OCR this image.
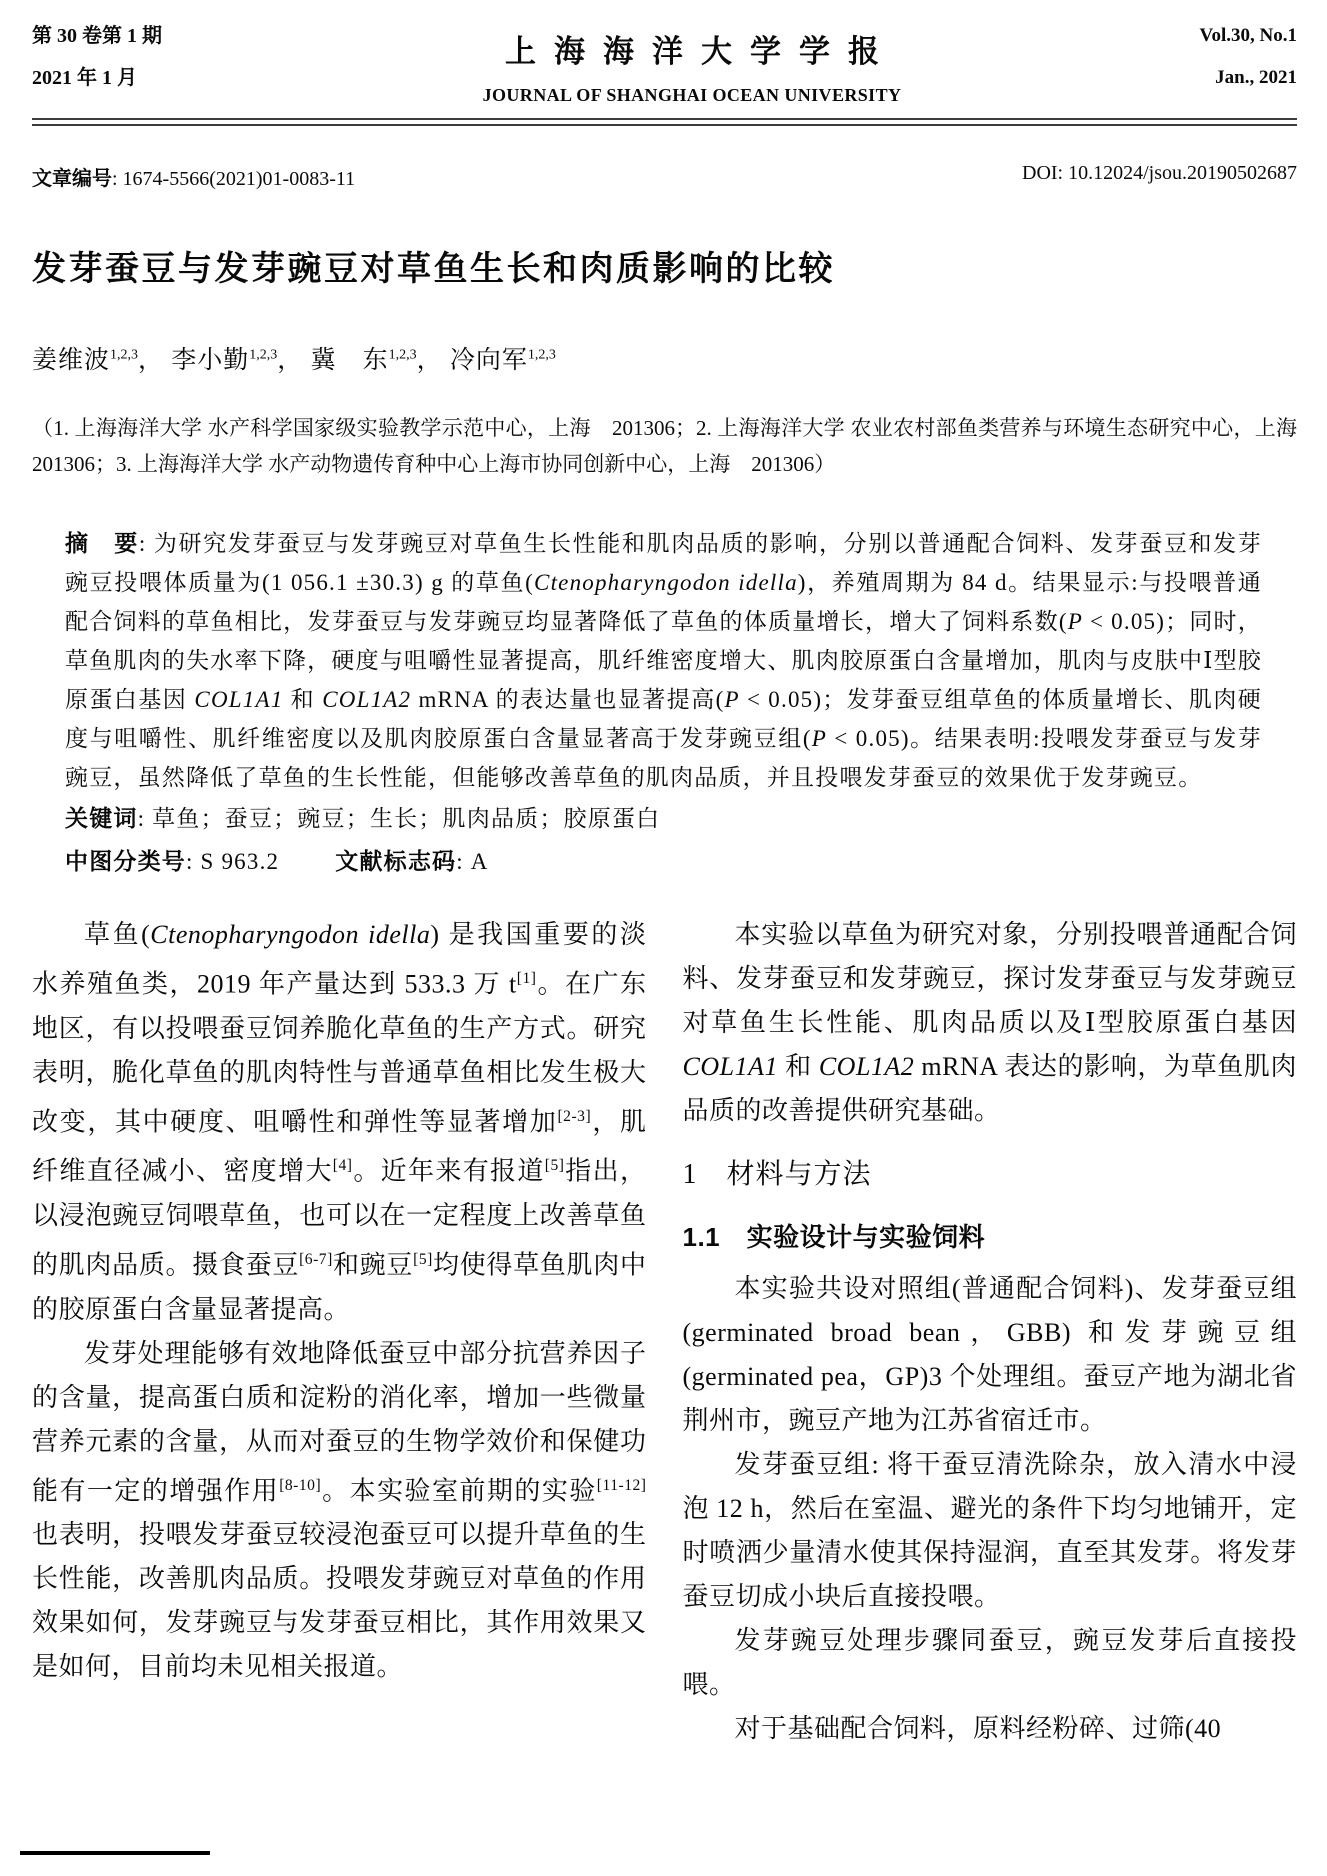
第 30 卷第 1 期
2021 年 1 月
上海海洋大学学报
JOURNAL OF SHANGHAI OCEAN UNIVERSITY
Vol.30, No.1
Jan., 2021
文章编号: 1674-5566(2021)01-0083-11	DOI: 10.12024/jsou.20190502687
发芽蚕豆与发芽豌豆对草鱼生长和肉质影响的比较
姜维波$^{1,2,3}$， 李小勤$^{1,2,3}$， 冀　东$^{1,2,3}$， 冷向军$^{1,2,3}$

（1. 上海海洋大学 水产科学国家级实验教学示范中心，上海　201306；2. 上海海洋大学 农业农村部鱼类营养与环境生态研究中心，上海　201306；3. 上海海洋大学 水产动物遗传育种中心上海市协同创新中心，上海　201306）

摘　要: 为研究发芽蚕豆与发芽豌豆对草鱼生长性能和肌肉品质的影响，分别以普通配合饲料、发芽蚕豆和发芽豌豆投喂体质量为(1 056.1 ±30.3) g 的草鱼(Ctenopharyngodon idella)，养殖周期为 84 d。结果显示:与投喂普通配合饲料的草鱼相比，发芽蚕豆与发芽豌豆均显著降低了草鱼的体质量增长，增大了饲料系数(P < 0.05)；同时，草鱼肌肉的失水率下降，硬度与咀嚼性显著提高，肌纤维密度增大、肌肉胶原蛋白含量增加，肌肉与皮肤中Ⅰ型胶原蛋白基因 COL1A1 和 COL1A2 mRNA 的表达量也显著提高(P < 0.05)；发芽蚕豆组草鱼的体质量增长、肌肉硬度与咀嚼性、肌纤维密度以及肌肉胶原蛋白含量显著高于发芽豌豆组(P < 0.05)。结果表明:投喂发芽蚕豆与发芽豌豆，虽然降低了草鱼的生长性能，但能够改善草鱼的肌肉品质，并且投喂发芽蚕豆的效果优于发芽豌豆。
关键词: 草鱼；蚕豆；豌豆；生长；肌肉品质；胶原蛋白
中图分类号: S 963.2 文献标志码: A

草鱼(Ctenopharyngodon idella) 是我国重要的淡水养殖鱼类，2019 年产量达到 533.3 万 t[1]。在广东地区，有以投喂蚕豆饲养脆化草鱼的生产方式。研究表明，脆化草鱼的肌肉特性与普通草鱼相比发生极大改变，其中硬度、咀嚼性和弹性等显著增加[2-3]，肌纤维直径减小、密度增大[4]。近年来有报道[5]指出，以浸泡豌豆饲喂草鱼，也可以在一定程度上改善草鱼的肌肉品质。摄食蚕豆[6-7]和豌豆[5]均使得草鱼肌肉中的胶原蛋白含量显著提高。

发芽处理能够有效地降低蚕豆中部分抗营养因子的含量，提高蛋白质和淀粉的消化率，增加一些微量营养元素的含量，从而对蚕豆的生物学效价和保健功能有一定的增强作用[8-10]。本实验室前期的实验[11-12]也表明，投喂发芽蚕豆较浸泡蚕豆可以提升草鱼的生长性能，改善肌肉品质。投喂发芽豌豆对草鱼的作用效果如何，发芽豌豆与发芽蚕豆相比，其作用效果又是如何，目前均未见相关报道。

本实验以草鱼为研究对象，分别投喂普通配合饲料、发芽蚕豆和发芽豌豆，探讨发芽蚕豆与发芽豌豆对草鱼生长性能、肌肉品质以及Ⅰ型胶原蛋白基因 COL1A1 和 COL1A2 mRNA 表达的影响，为草鱼肌肉品质的改善提供研究基础。

1　材料与方法
1.1　实验设计与实验饲料

本实验共设对照组(普通配合饲料)、发芽蚕豆组(germinated broad bean，GBB) 和发芽豌豆组(germinated pea，GP)3 个处理组。蚕豆产地为湖北省荆州市，豌豆产地为江苏省宿迁市。

发芽蚕豆组: 将干蚕豆清洗除杂，放入清水中浸泡 12 h，然后在室温、避光的条件下均匀地铺开，定时喷洒少量清水使其保持湿润，直至其发芽。将发芽蚕豆切成小块后直接投喂。

发芽豌豆处理步骤同蚕豆，豌豆发芽后直接投喂。

对于基础配合饲料，原料经粉碎、过筛(40
